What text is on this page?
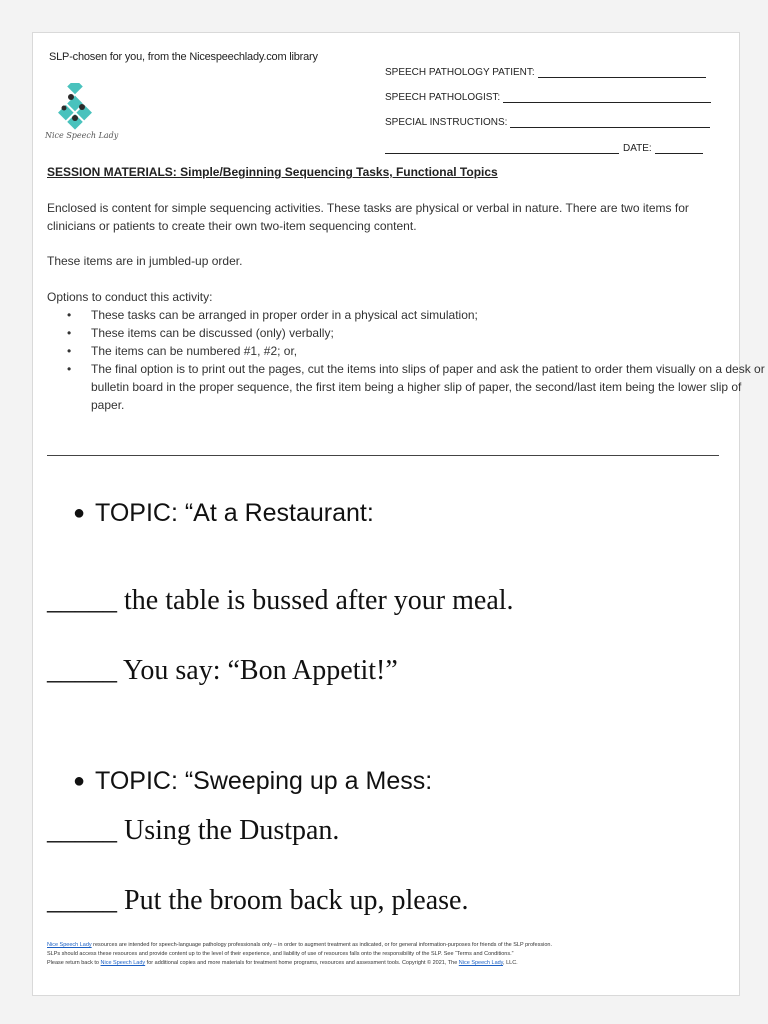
SLP-chosen for you, from the Nicespeechlady.com library
Nice Speech Lady
SPEECH PATHOLOGY PATIENT:
SPEECH PATHOLOGIST:
SPECIAL INSTRUCTIONS:
DATE:
SESSION MATERIALS: Simple/Beginning Sequencing Tasks, Functional Topics
Enclosed is content for simple sequencing activities. These tasks are physical or verbal in nature. There are two items for clinicians or patients to create their own two-item sequencing content.
These items are in jumbled-up order.
Options to conduct this activity:
• These tasks can be arranged in proper order in a physical act simulation;
• These items can be discussed (only) verbally;
• The items can be numbered #1, #2; or,
• The final option is to print out the pages, cut the items into slips of paper and ask the patient to order them visually on a desk or bulletin board in the proper sequence, the first item being a higher slip of paper, the second/last item being the lower slip of paper.
● TOPIC: “At a Restaurant:
_____ the table is bussed after your meal.
_____ You say: “Bon Appetit!”
● TOPIC: “Sweeping up a Mess:
_____ Using the Dustpan.
_____ Put the broom back up, please.
Nice Speech Lady resources are intended for speech-language pathology professionals only – in order to augment treatment as indicated, or for general information-purposes for friends of the SLP profession.
SLPs should access these resources and provide content up to the level of their experience, and liability of use of resources falls onto the responsibility of the SLP. See “Terms and Conditions.”
Please return back to Nice Speech Lady for additional copies and more materials for treatment home programs, resources and assessment tools. Copyright © 2021, The Nice Speech Lady, LLC.
